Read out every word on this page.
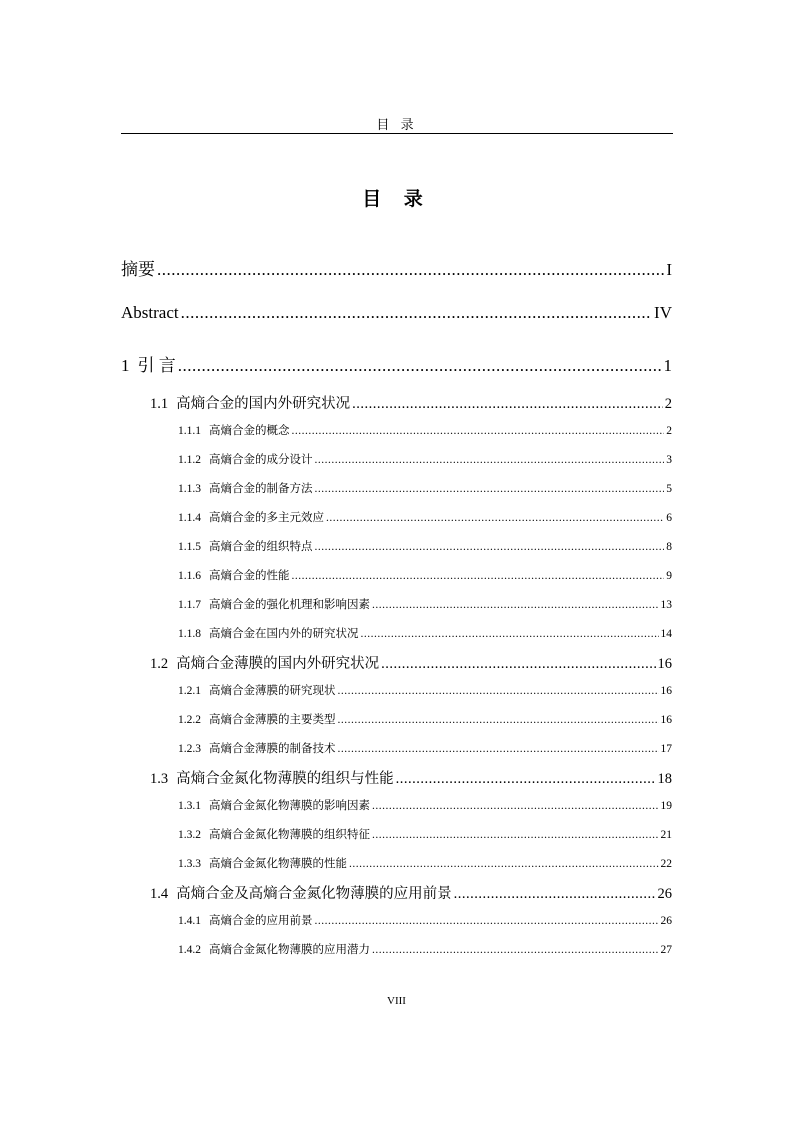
目 录
目 录
摘要 .....	I
Abstract .....	IV
1 引 言 .....	1
1.1 高熵合金的国内外研究状况 .....	2
1.1.1 高熵合金的概念 .....	2
1.1.2 高熵合金的成分设计 .....	3
1.1.3 高熵合金的制备方法 .....	5
1.1.4 高熵合金的多主元效应 .....	6
1.1.5 高熵合金的组织特点 .....	8
1.1.6 高熵合金的性能 .....	9
1.1.7 高熵合金的强化机理和影响因素 .....	13
1.1.8 高熵合金在国内外的研究状况 .....	14
1.2 高熵合金薄膜的国内外研究状况 .....	16
1.2.1 高熵合金薄膜的研究现状 .....	16
1.2.2 高熵合金薄膜的主要类型 .....	16
1.2.3 高熵合金薄膜的制备技术 .....	17
1.3 高熵合金氮化物薄膜的组织与性能 .....	18
1.3.1 高熵合金氮化物薄膜的影响因素 .....	19
1.3.2 高熵合金氮化物薄膜的组织特征 .....	21
1.3.3 高熵合金氮化物薄膜的性能 .....	22
1.4 高熵合金及高熵合金氮化物薄膜的应用前景 .....	26
1.4.1 高熵合金的应用前景 .....	26
1.4.2 高熵合金氮化物薄膜的应用潜力 .....	27
VIII
